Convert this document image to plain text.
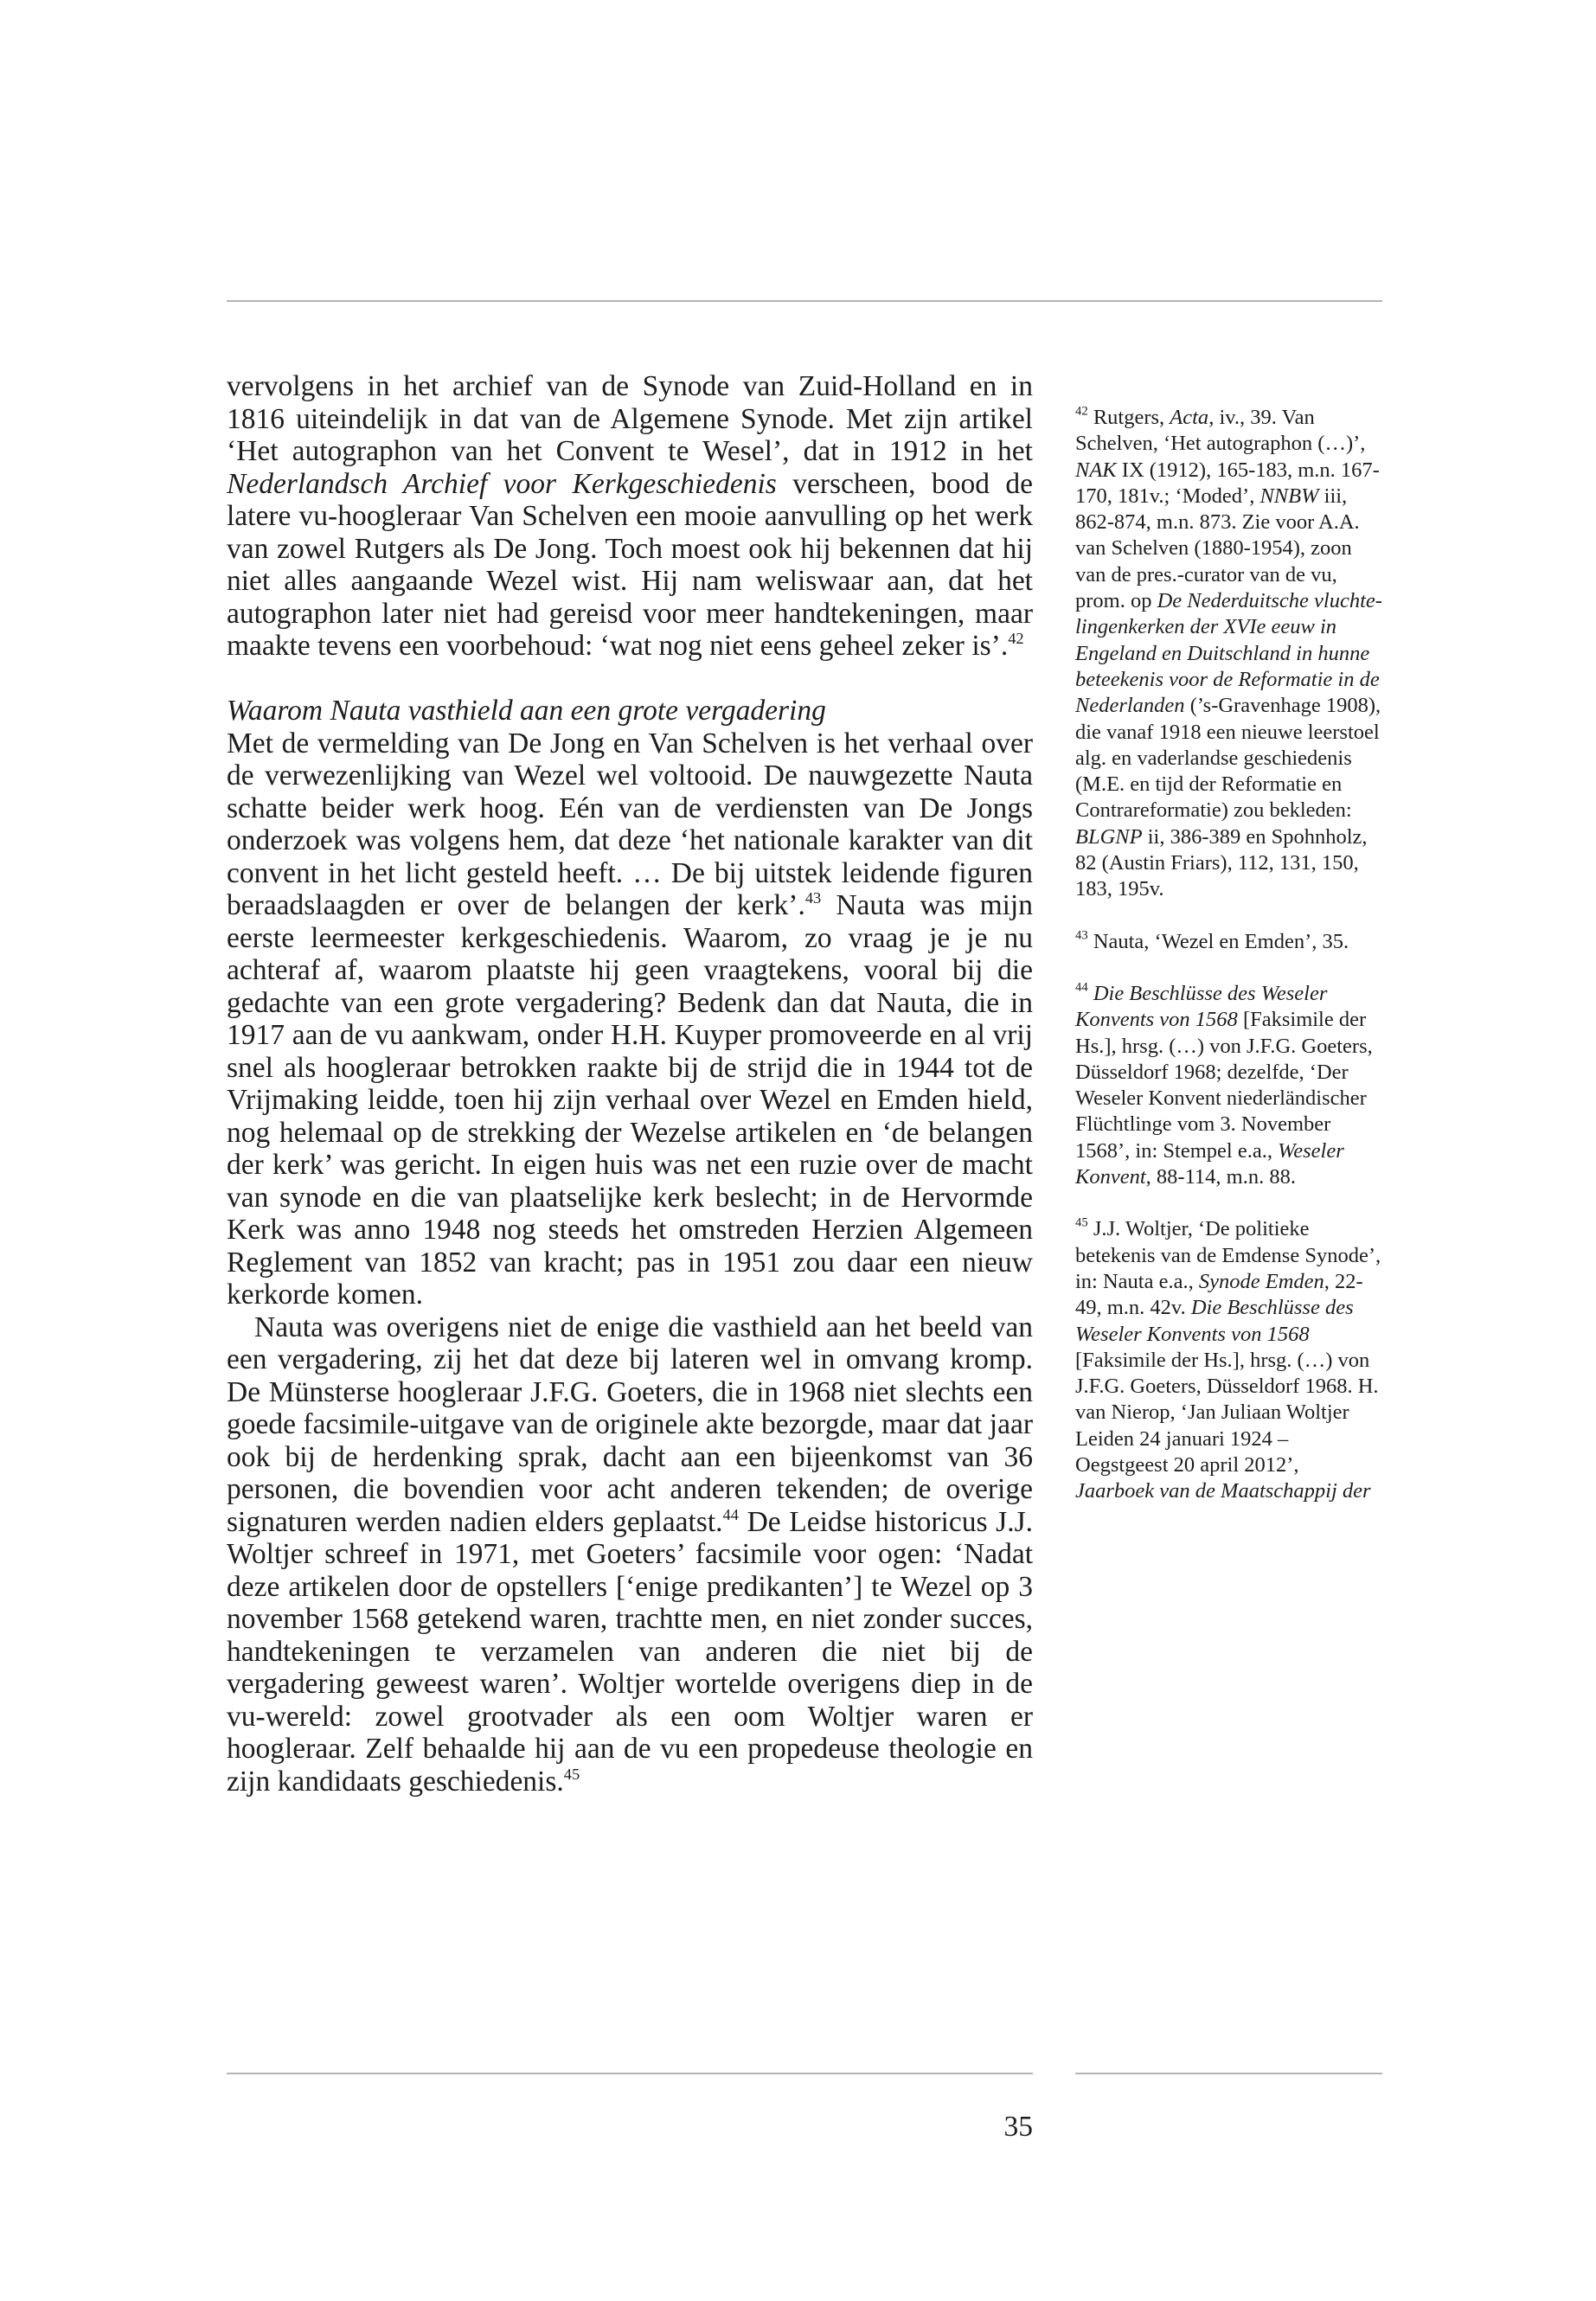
vervolgens in het archief van de Synode van Zuid-Holland en in 1816 uiteindelijk in dat van de Algemene Synode. Met zijn artikel ‘Het autographon van het Convent te Wesel’, dat in 1912 in het Nederlandsch Archief voor Kerkgeschiedenis verscheen, bood de latere vu-hoogleraar Van Schelven een mooie aanvulling op het werk van zowel Rutgers als De Jong. Toch moest ook hij bekennen dat hij niet alles aangaande Wezel wist. Hij nam weliswaar aan, dat het autographon later niet had gereisd voor meer handtekeningen, maar maakte tevens een voorbehoud: ‘wat nog niet eens geheel zeker is’.$^{42}$

Waarom Nauta vasthield aan een grote vergadering

Met de vermelding van De Jong en Van Schelven is het verhaal over de verwezenlijking van Wezel wel voltooid. De nauwgezette Nauta schatte beider werk hoog. Eén van de verdiensten van De Jongs onderzoek was volgens hem, dat deze ‘het nationale karakter van dit convent in het licht gesteld heeft. … De bij uitstek leidende figuren beraadslaagden er over de belangen der kerk’.$^{43}$ Nauta was mijn eerste leermeester kerkgeschiedenis. Waarom, zo vraag je je nu achteraf af, waarom plaatste hij geen vraagtekens, vooral bij die gedachte van een grote vergadering? Bedenk dan dat Nauta, die in 1917 aan de vu aankwam, onder H.H. Kuyper promoveerde en al vrij snel als hoogleraar betrokken raakte bij de strijd die in 1944 tot de Vrijmaking leidde, toen hij zijn verhaal over Wezel en Emden hield, nog helemaal op de strekking der Wezelse artikelen en ‘de belangen der kerk’ was gericht. In eigen huis was net een ruzie over de macht van synode en die van plaatselijke kerk beslecht; in de Hervormde Kerk was anno 1948 nog steeds het omstreden Herzien Algemeen Reglement van 1852 van kracht; pas in 1951 zou daar een nieuw kerkorde komen.

Nauta was overigens niet de enige die vasthield aan het beeld van een vergadering, zij het dat deze bij lateren wel in omvang kromp. De Münsterse hoogleraar J.F.G. Goeters, die in 1968 niet slechts een goede facsimile-uitgave van de originele akte bezorgde, maar dat jaar ook bij de herdenking sprak, dacht aan een bijeenkomst van 36 personen, die bovendien voor acht anderen tekenden; de overige signaturen werden nadien elders geplaatst.$^{44}$ De Leidse historicus J.J. Woltjer schreef in 1971, met Goeters’ facsimile voor ogen: ‘Nadat deze artikelen door de opstellers [‘enige predikanten’] te Wezel op 3 november 1568 getekend waren, trachtte men, en niet zonder succes, handtekeningen te verzamelen van anderen die niet bij de vergadering geweest waren’. Woltjer wortelde overigens diep in de vu-wereld: zowel grootvader als een oom Woltjer waren er hoogleraar. Zelf behaalde hij aan de vu een propedeuse theologie en zijn kandidaats geschiedenis.$^{45}$

$^{42}$ Rutgers, Acta, iv., 39. Van Schelven, ‘Het autographon (…)’, NAK IX (1912), 165-183, m.n. 167-170, 181v.; ‘Moded’, NNBW iii, 862-874, m.n. 873. Zie voor A.A. van Schelven (1880-1954), zoon van de pres.-curator van de vu, prom. op De Nederduitsche vluchtelingenkerken der XVIe eeuw in Engeland en Duitschland in hunne beteekenis voor de Reformatie in de Nederlanden (’s-Gravenhage 1908), die vanaf 1918 een nieuwe leerstoel alg. en vaderlandse geschiedenis (M.E. en tijd der Reformatie en Contrareformatie) zou bekleden: BLGNP ii, 386-389 en Spohnholz, 82 (Austin Friars), 112, 131, 150, 183, 195v.

$^{43}$ Nauta, ‘Wezel en Emden’, 35.

$^{44}$ Die Beschlüsse des Weseler Konvents von 1568 [Faksimile der Hs.], hrsg. (…) von J.F.G. Goeters, Düsseldorf 1968; dezelfde, ‘Der Weseler Konvent niederländischer Flüchtlinge vom 3. November 1568’, in: Stempel e.a., Weseler Konvent, 88-114, m.n. 88.

$^{45}$ J.J. Woltjer, ‘De politieke betekenis van de Emdense Synode’, in: Nauta e.a., Synode Emden, 22-49, m.n. 42v. Die Beschlüsse des Weseler Konvents von 1568 [Faksimile der Hs.], hrsg. (…) von J.F.G. Goeters, Düsseldorf 1968. H. van Nierop, ‘Jan Juliaan Woltjer Leiden 24 januari 1924 – Oegstgeest 20 april 2012’, Jaarboek van de Maatschappij der

35
